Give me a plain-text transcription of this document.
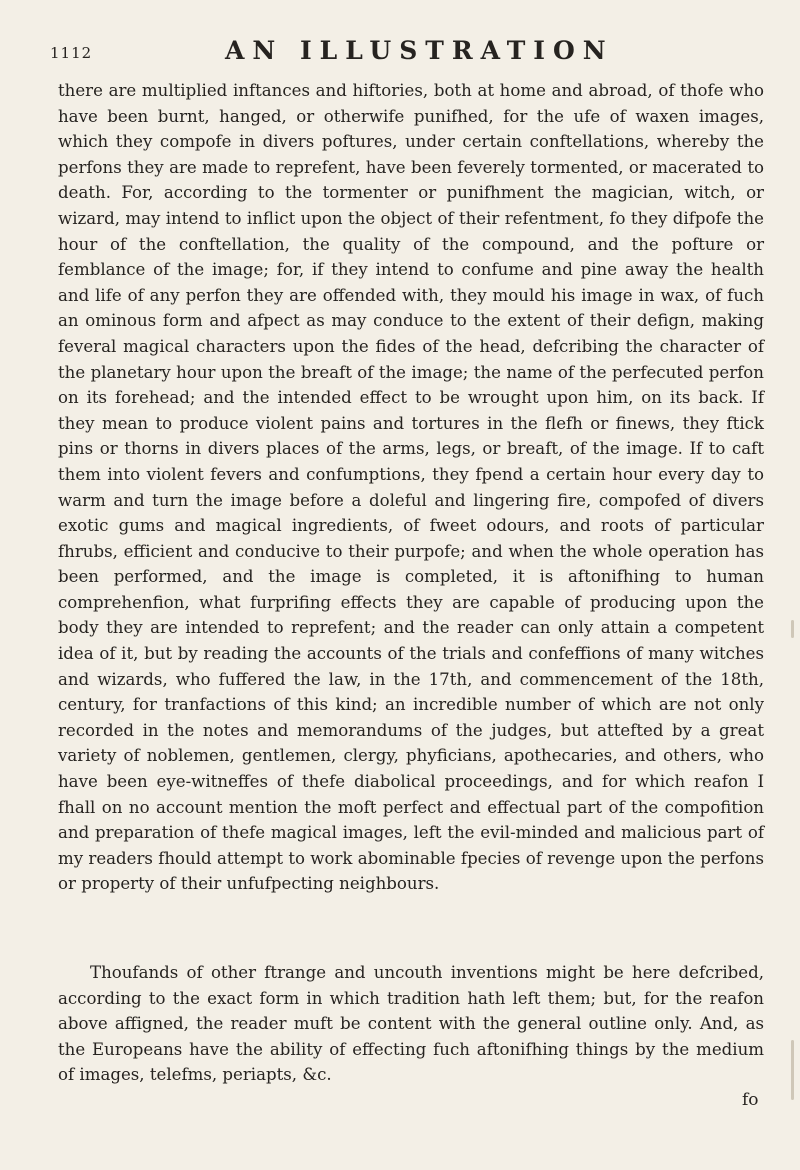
1112	AN ILLUSTRATION

there are multiplied inftances and hiftories, both at home and abroad, of thofe who have been burnt, hanged, or otherwife punifhed, for the ufe of waxen images, which they compofe in divers poftures, under certain conftellations, whereby the perfons they are made to reprefent, have been feverely tormented, or macerated to death. For, according to the tormenter or punifhment the magician, witch, or wizard, may intend to inflict upon the object of their refentment, fo they difpofe the hour of the conftellation, the quality of the compound, and the pofture or femblance of the image; for, if they intend to confume and pine away the health and life of any perfon they are offended with, they mould his image in wax, of fuch an ominous form and afpect as may conduce to the extent of their defign, making feveral magical characters upon the fides of the head, defcribing the character of the planetary hour upon the breaft of the image; the name of the perfecuted perfon on its forehead; and the intended effect to be wrought upon him, on its back. If they mean to produce violent pains and tortures in the flefh or finews, they ftick pins or thorns in divers places of the arms, legs, or breaft, of the image. If to caft them into violent fevers and confumptions, they fpend a certain hour every day to warm and turn the image before a doleful and lingering fire, compofed of divers exotic gums and magical ingredients, of fweet odours, and roots of particular fhrubs, efficient and conducive to their purpofe; and when the whole operation has been performed, and the image is completed, it is aftonifhing to human comprehenfion, what furprifing effects they are capable of producing upon the body they are intended to reprefent; and the reader can only attain a competent idea of it, but by reading the accounts of the trials and confeffions of many witches and wizards, who fuffered the law, in the 17th, and commencement of the 18th, century, for tranfactions of this kind; an incredible number of which are not only recorded in the notes and memorandums of the judges, but attefted by a great variety of noblemen, gentlemen, clergy, phyficians, apothecaries, and others, who have been eye-witneffes of thefe diabolical proceedings, and for which reafon I fhall on no account mention the moft perfect and effectual part of the compofition and preparation of thefe magical images, left the evil-minded and malicious part of my readers fhould attempt to work abominable fpecies of revenge upon the perfons or property of their unfufpecting neighbours.

Thoufands of other ftrange and uncouth inventions might be here defcribed, according to the exact form in which tradition hath left them; but, for the reafon above affigned, the reader muft be content with the general outline only. And, as the Europeans have the ability of effecting fuch aftonifhing things by the medium of images, telefms, periapts, &c.

fo
